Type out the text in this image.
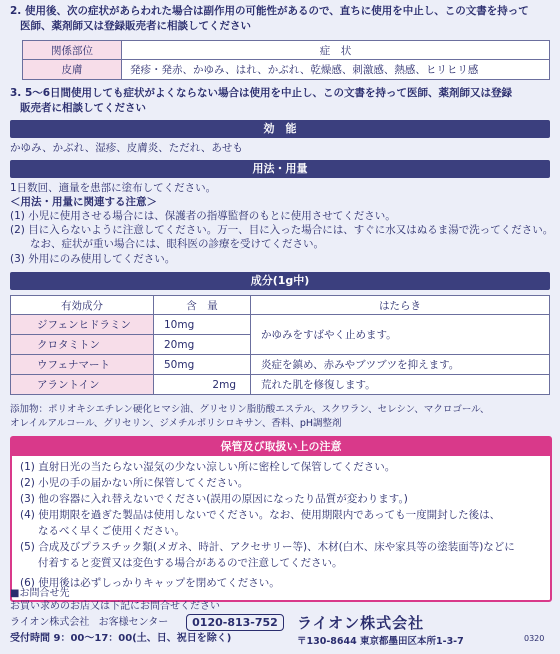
2. 使用後、次の症状があらわれた場合は副作用の可能性があるので、直ちに使用を中止し、この文書を持って
医師、薬剤師又は登録販売者に相談してください
関係部位	症　状
皮膚	発疹・発赤、かゆみ、はれ、かぶれ、乾燥感、刺激感、熱感、ヒリヒリ感
3. 5～6日間使用しても症状がよくならない場合は使用を中止し、この文書を持って医師、薬剤師又は登録
販売者に相談してください
効　能
かゆみ、かぶれ、湿疹、皮膚炎、ただれ、あせも
用法・用量
1日数回、適量を患部に塗布してください。
＜用法・用量に関連する注意＞
(1) 小児に使用させる場合には、保護者の指導監督のもとに使用させてください。
(2) 目に入らないように注意してください。万一、目に入った場合には、すぐに水又はぬるま湯で洗ってください。
なお、症状が重い場合には、眼科医の診療を受けてください。
(3) 外用にのみ使用してください。
成分(1g中)
有効成分	含　量	はたらき
ジフェンヒドラミン	10mg	かゆみをすばやく止めます。
クロタミトン	20mg	
ウフェナマート	50mg	炎症を鎮め、赤みやブツブツを抑えます。
アラントイン	2mg	荒れた肌を修復します。
添加物：ポリオキシエチレン硬化ヒマシ油、グリセリン脂肪酸エステル、スクワラン、セレシン、マクロゴール、
オレイルアルコール、グリセリン、ジメチルポリシロキサン、香料、pH調整剤
保管及び取扱い上の注意
(1) 直射日光の当たらない湿気の少ない涼しい所に密栓して保管してください。
(2) 小児の手の届かない所に保管してください。
(3) 他の容器に入れ替えないでください(誤用の原因になったり品質が変わります。)
(4) 使用期限を過ぎた製品は使用しないでください。なお、使用期限内であっても一度開封した後は、
なるべく早くご使用ください。
(5) 合成及びプラスチック類(メガネ、時計、アクセサリー等)、木材(白木、床や家具等の塗装面等)などに
付着すると変質又は変色する場合があるので注意してください。
(6) 使用後は必ずしっかりキャップを閉めてください。
■お問合せ先
お買い求めのお店又は下記にお問合せください
ライオン株式会社 お客様センター	0120-813-752
受付時間 9：00～17：00(土、日、祝日を除く)
ライオン株式会社
〒130-8644 東京都墨田区本所1-3-7	0320
